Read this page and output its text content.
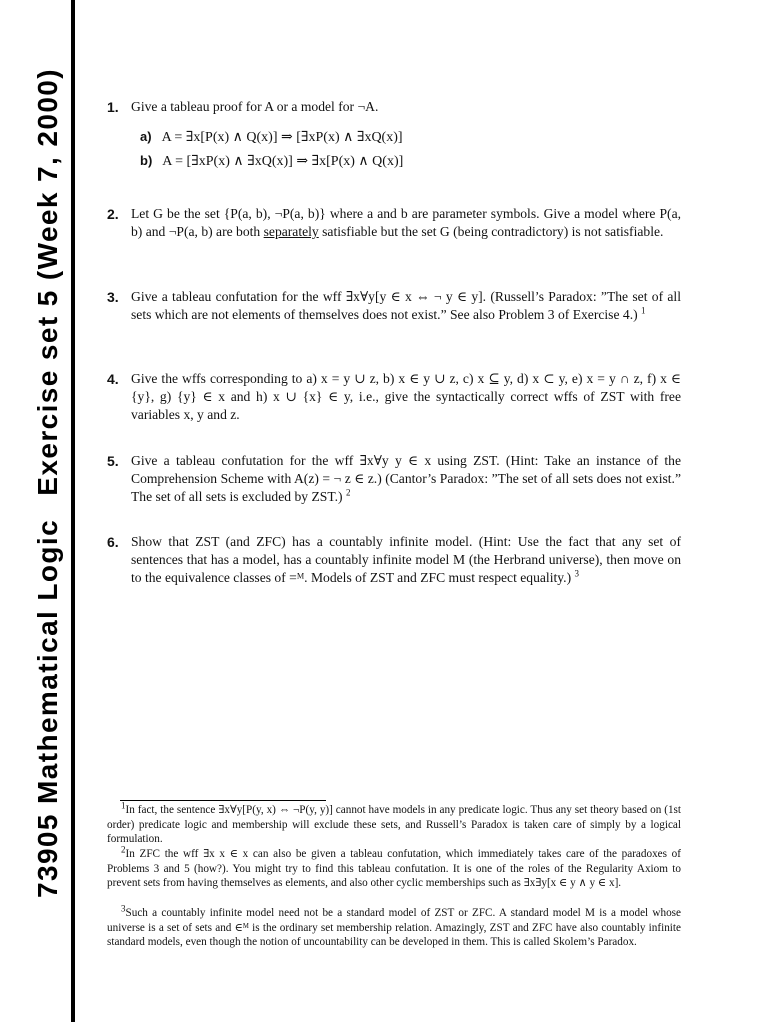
73905 Mathematical Logic
Exercise set 5 (Week 7, 2000)	1. Give a tableau proof for A or a model for ¬A.
a) A = ∃x[P(x) ∧ Q(x)] ⇒ [∃xP(x) ∧ ∃xQ(x)]
b) A = [∃xP(x) ∧ ∃xQ(x)] ⇒ ∃x[P(x) ∧ Q(x)]
2. Let G be the set {P(a, b), ¬P(a, b)} where a and b are parameter symbols. Give a model where P(a, b) and ¬P(a, b) are both separately satisfiable but the set G (being contradictory) is not satisfiable.
3. Give a tableau confutation for the wff ∃x∀y[y ∈ x ⇔ ¬ y ∈ y]. (Russell’s Paradox: ”The set of all sets which are not elements of themselves does not exist.” See also Problem 3 of Exercise 4.) $^1$
4. Give the wffs corresponding to a) x = y ∪ z, b) x ∈ y ∪ z, c) x ⊆ y, d) x ⊂ y, e) x = y ∩ z, f) x ∈ {y}, g) {y} ∈ x and h) x ∪ {x} ∈ y, i.e., give the syntactically correct wffs of ZST with free variables x, y and z.
5. Give a tableau confutation for the wff ∃x∀y y ∈ x using ZST. (Hint: Take an instance of the Comprehension Scheme with A(z) = ¬ z ∈ z.) (Cantor’s Paradox: ”The set of all sets does not exist.” The set of all sets is excluded by ZST.) $^2$
6. Show that ZST (and ZFC) has a countably infinite model. (Hint: Use the fact that any set of sentences that has a model, has a countably infinite model M (the Herbrand universe), then move on to the equivalence classes of =ᴹ. Models of ZST and ZFC must respect equality.) $^3$
$^1$In fact, the sentence ∃x∀y[P(y, x) ⇔ ¬P(y, y)] cannot have models in any predicate logic. Thus any set theory based on (1st order) predicate logic and membership will exclude these sets, and Russell’s Paradox is taken care of simply by a logical formulation.
$^2$In ZFC the wff ∃x x ∈ x can also be given a tableau confutation, which immediately takes care of the paradoxes of Problems 3 and 5 (how?). You might try to find this tableau confutation. It is one of the roles of the Regularity Axiom to prevent sets from having themselves as elements, and also other cyclic memberships such as ∃x∃y[x ∈ y ∧ y ∈ x].
$^3$Such a countably infinite model need not be a standard model of ZST or ZFC. A standard model M is a model whose universe is a set of sets and ∈ᴹ is the ordinary set membership relation. Amazingly, ZST and ZFC have also countably infinite standard models, even though the notion of uncountability can be developed in them. This is called Skolem’s Paradox.
